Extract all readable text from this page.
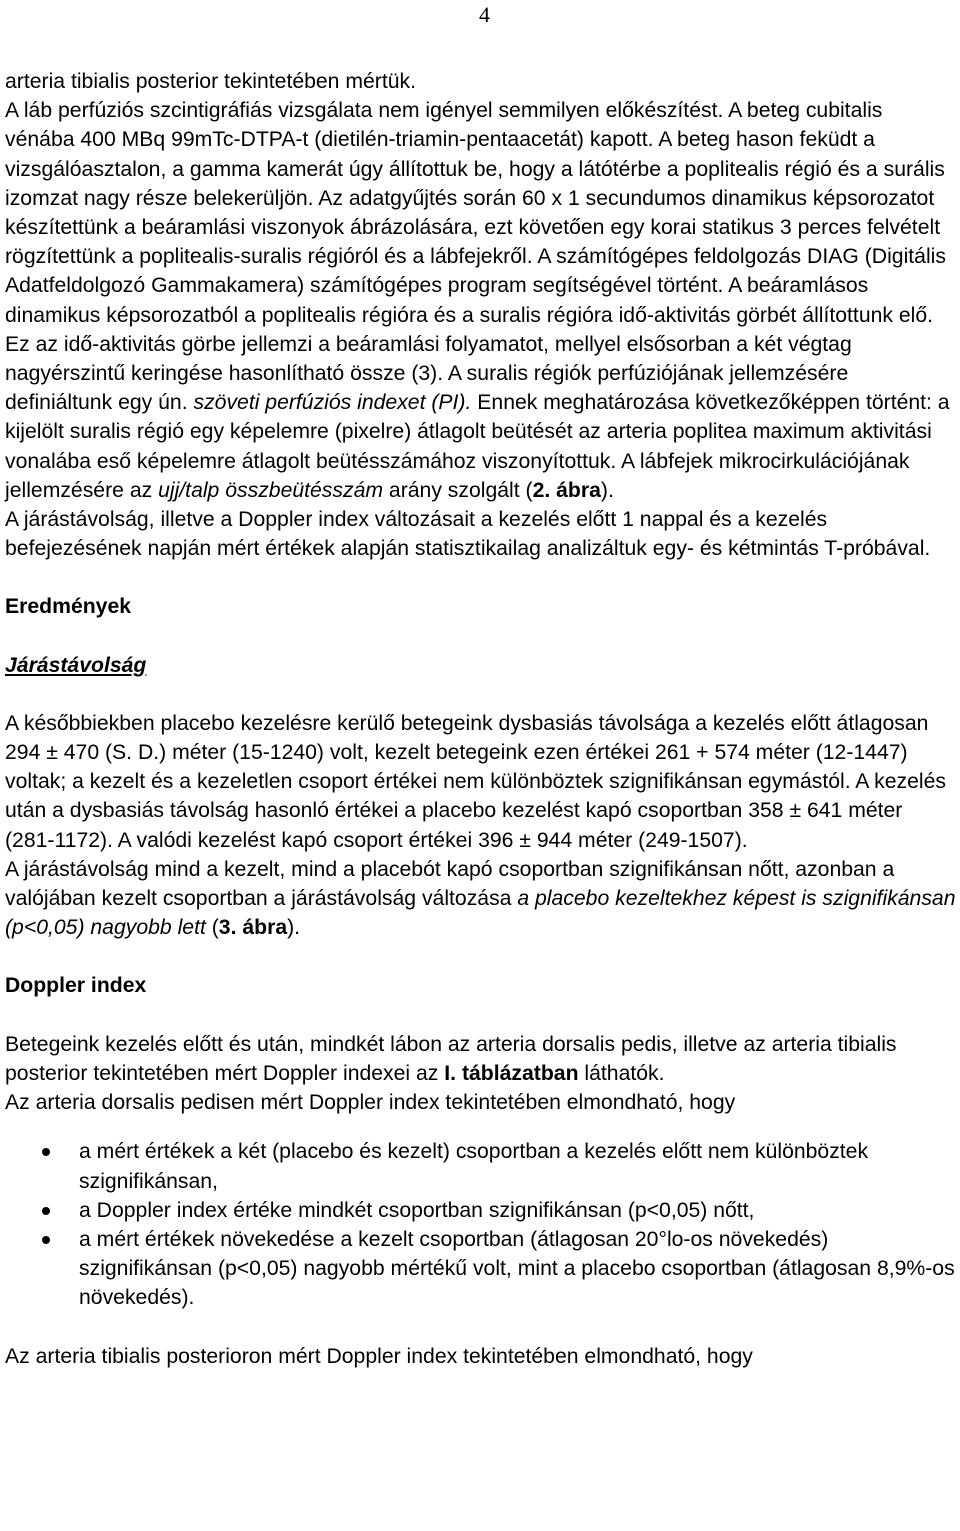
4

arteria tibialis posterior tekintetében mértük.

A láb perfúziós szcintigráfiás vizsgálata nem igényel semmilyen előkészítést. A beteg cubitalis vénába 400 MBq 99mTc-DTPA-t (dietilén-triamin-pentaacetát) kapott. A beteg hason feküdt a vizsgálóasztalon, a gamma kamerát úgy állítottuk be, hogy a látótérbe a poplitealis régió és a surális izomzat nagy része belekerüljön. Az adatgyűjtés során 60 x 1 secundumos dinamikus képsorozatot készítettünk a beáramlási viszonyok ábrázolására, ezt követően egy korai statikus 3 perces felvételt rögzítettünk a poplitealis-suralis régióról és a lábfejekről. A számítógépes feldolgozás DIAG (Digitális Adatfeldolgozó Gammakamera) számítógépes program segítségével történt. A beáramlásos dinamikus képsorozatból a poplitealis régióra és a suralis régióra idő-aktivitás görbét állítottunk elő. Ez az idő-aktivitás görbe jellemzi a beáramlási folyamatot, mellyel elsősorban a két végtag nagyérszintű keringése hasonlítható össze (3). A suralis régiók perfúziójának jellemzésére definiáltunk egy ún. szöveti perfúziós indexet (PI). Ennek meghatározása következőképpen történt: a kijelölt suralis régió egy képelemre (pixelre) átlagolt beütését az arteria poplitea maximum aktivitási vonalába eső képelemre átlagolt beütésszámához viszonyítottuk. A lábfejek mikrocirkulációjának jellemzésére az ujj/talp összbeütésszám arány szolgált (2. ábra).

A járástávolság, illetve a Doppler index változásait a kezelés előtt 1 nappal és a kezelés befejezésének napján mért értékek alapján statisztikailag analizáltuk egy- és kétmintás T-próbával.

Eredmények
Járástávolság

A későbbiekben placebo kezelésre kerülő betegeink dysbasiás távolsága a kezelés előtt átlagosan 294 ± 470 (S. D.) méter (15-1240) volt, kezelt betegeink ezen értékei 261 + 574 méter (12-1447) voltak; a kezelt és a kezeletlen csoport értékei nem különböztek szignifikánsan egymástól. A kezelés után a dysbasiás távolság hasonló értékei a placebo kezelést kapó csoportban 358 ± 641 méter (281-1172). A valódi kezelést kapó csoport értékei 396 ± 944 méter (249-1507).

A járástávolság mind a kezelt, mind a placebót kapó csoportban szignifikánsan nőtt, azonban a valójában kezelt csoportban a járástávolság változása a placebo kezeltekhez képest is szignifikánsan (p<0,05) nagyobb lett (3. ábra).

Doppler index

Betegeink kezelés előtt és után, mindkét lábon az arteria dorsalis pedis, illetve az arteria tibialis posterior tekintetében mért Doppler indexei az I. táblázatban láthatók.

Az arteria dorsalis pedisen mért Doppler index tekintetében elmondható, hogy

a mért értékek a két (placebo és kezelt) csoportban a kezelés előtt nem különböztek szignifikánsan,
a Doppler index értéke mindkét csoportban szignifikánsan (p<0,05) nőtt,
a mért értékek növekedése a kezelt csoportban (átlagosan 20°lo-os növekedés) szignifikánsan (p<0,05) nagyobb mértékű volt, mint a placebo csoportban (átlagosan 8,9%-os növekedés).

Az arteria tibialis posterioron mért Doppler index tekintetében elmondható, hogy
